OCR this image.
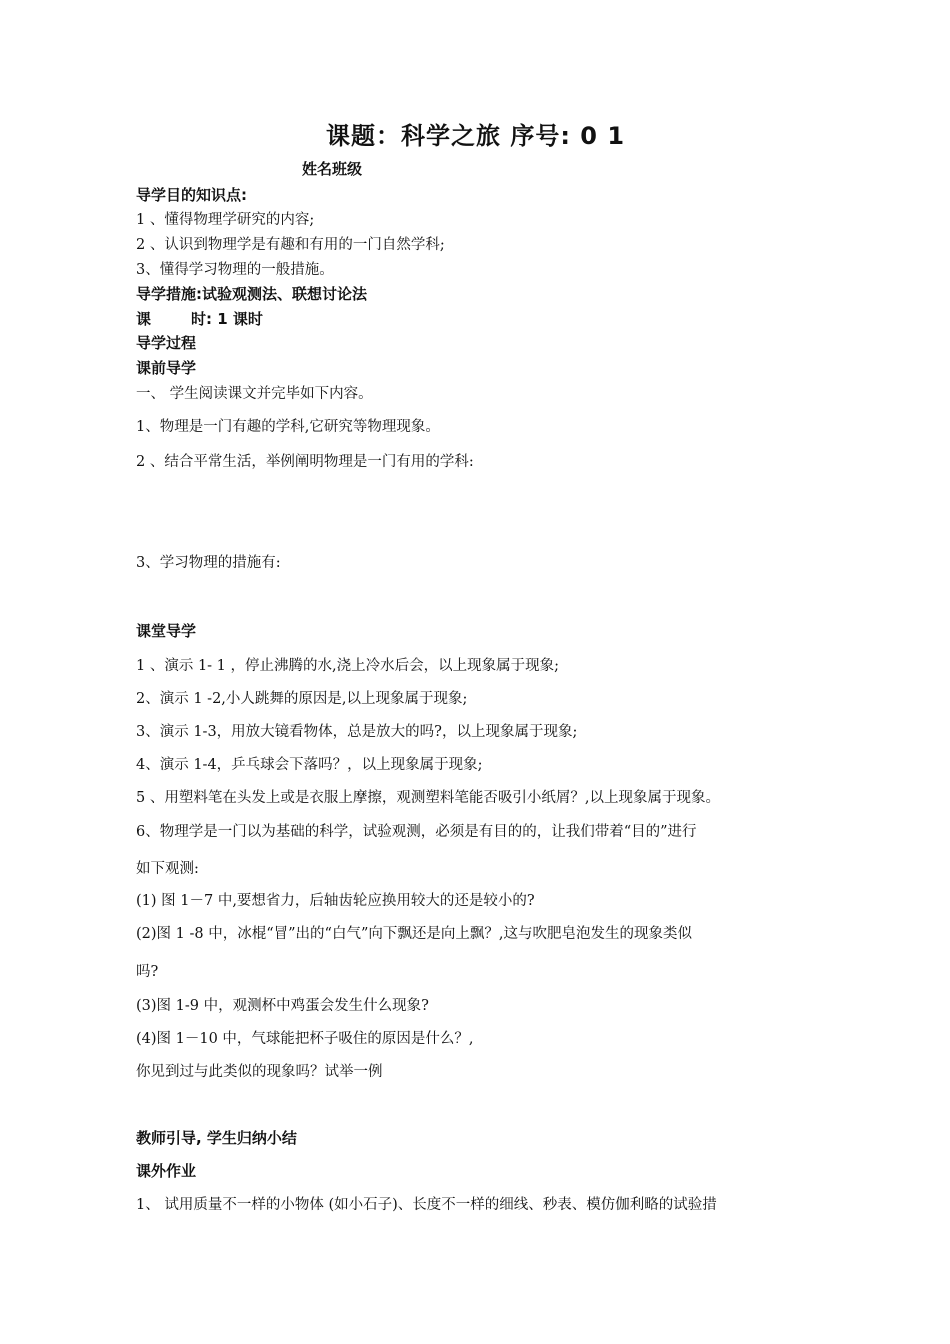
课题：科学之旅 序号: 0 1
姓名班级
导学目的知识点:
1 、懂得物理学研究的内容;
2 、认识到物理学是有趣和有用的一门自然学科;
3、懂得学习物理的一般措施。
导学措施:试验观测法、联想讨论法
课	时: 1 课时
导学过程
课前导学
一、 学生阅读课文并完毕如下内容。
1、物理是一门有趣的学科,它研究等物理现象。
2 、结合平常生活，举例阐明物理是一门有用的学科:
3、学习物理的措施有:
课堂导学
1 、演示 1- 1 ，停止沸腾的水,浇上冷水后会，以上现象属于现象;
2、演示 1 -2,小人跳舞的原因是,以上现象属于现象;
3、演示 1-3，用放大镜看物体，总是放大的吗?，以上现象属于现象;
4、演示 1-4，乒乓球会下落吗？，以上现象属于现象;
5 、用塑料笔在头发上或是衣服上摩擦，观测塑料笔能否吸引小纸屑？,以上现象属于现象。
6、物理学是一门以为基础的科学，试验观测，必须是有目的的，让我们带着“目的”进行
如下观测:
(1) 图 1－7 中,要想省力，后轴齿轮应换用较大的还是较小的?
(2)图 1 -8 中，冰棍“冒”出的“白气”向下飘还是向上飘？,这与吹肥皂泡发生的现象类似
吗?
(3)图 1-9 中，观测杯中鸡蛋会发生什么现象?
(4)图 1－10 中，气球能把杯子吸住的原因是什么？,
你见到过与此类似的现象吗？试举一例
教师引导, 学生归纳小结
课外作业
1、 试用质量不一样的小物体 (如小石子)、长度不一样的细线、秒表、模仿伽利略的试验措
